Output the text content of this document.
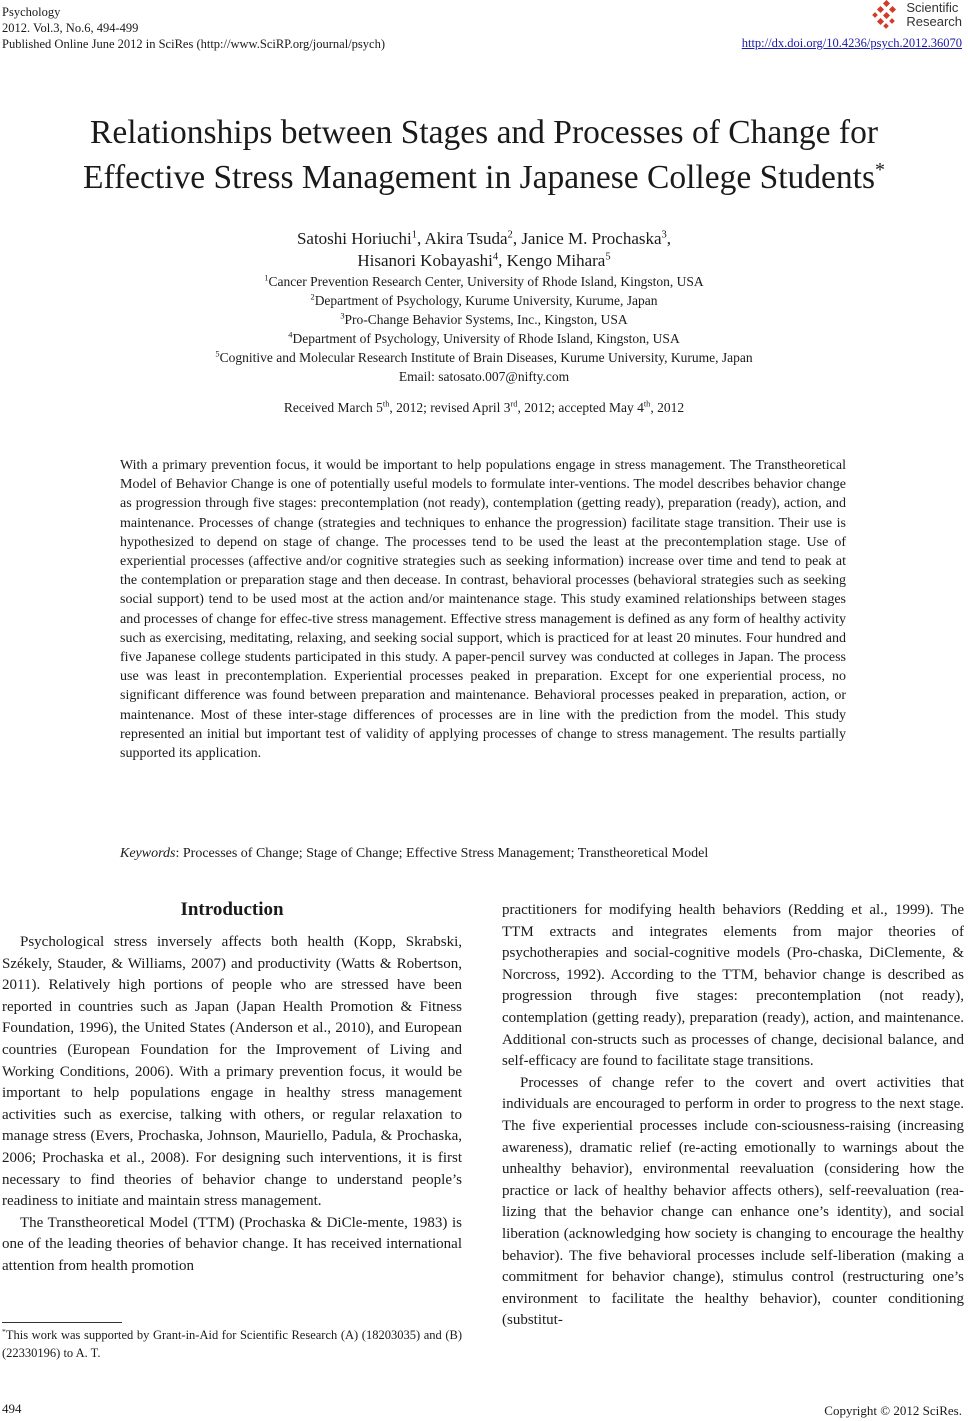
Psychology
2012. Vol.3, No.6, 494-499
Published Online June 2012 in SciRes (http://www.SciRP.org/journal/psych)
Scientific
Research
http://dx.doi.org/10.4236/psych.2012.36070
Relationships between Stages and Processes of Change for
Effective Stress Management in Japanese College Students*
Satoshi Horiuchi$^1$, Akira Tsuda$^2$, Janice M. Prochaska$^3$,
Hisanori Kobayashi$^4$, Kengo Mihara$^5$
$^1$Cancer Prevention Research Center, University of Rhode Island, Kingston, USA
$^2$Department of Psychology, Kurume University, Kurume, Japan
$^3$Pro-Change Behavior Systems, Inc., Kingston, USA
$^4$Department of Psychology, University of Rhode Island, Kingston, USA
$^5$Cognitive and Molecular Research Institute of Brain Diseases, Kurume University, Kurume, Japan
Email: satosato.007@nifty.com
Received March 5th, 2012; revised April 3rd, 2012; accepted May 4th, 2012
With a primary prevention focus, it would be important to help populations engage in stress management. The Transtheoretical Model of Behavior Change is one of potentially useful models to formulate inter-ventions. The model describes behavior change as progression through five stages: precontemplation (not ready), contemplation (getting ready), preparation (ready), action, and maintenance. Processes of change (strategies and techniques to enhance the progression) facilitate stage transition. Their use is hypothesized to depend on stage of change. The processes tend to be used the least at the precontemplation stage. Use of experiential processes (affective and/or cognitive strategies such as seeking information) increase over time and tend to peak at the contemplation or preparation stage and then decease. In contrast, behavioral processes (behavioral strategies such as seeking social support) tend to be used most at the action and/or maintenance stage. This study examined relationships between stages and processes of change for effec-tive stress management. Effective stress management is defined as any form of healthy activity such as exercising, meditating, relaxing, and seeking social support, which is practiced for at least 20 minutes. Four hundred and five Japanese college students participated in this study. A paper-pencil survey was conducted at colleges in Japan. The process use was least in precontemplation. Experiential processes peaked in preparation. Except for one experiential process, no significant difference was found between preparation and maintenance. Behavioral processes peaked in preparation, action, or maintenance. Most of these inter-stage differences of processes are in line with the prediction from the model. This study represented an initial but important test of validity of applying processes of change to stress management. The results partially supported its application.
Keywords: Processes of Change; Stage of Change; Effective Stress Management; Transtheoretical Model
Introduction

Psychological stress inversely affects both health (Kopp, Skrabski, Székely, Stauder, & Williams, 2007) and productivity (Watts & Robertson, 2011). Relatively high portions of people who are stressed have been reported in countries such as Japan (Japan Health Promotion & Fitness Foundation, 1996), the United States (Anderson et al., 2010), and European countries (European Foundation for the Improvement of Living and Working Conditions, 2006). With a primary prevention focus, it would be important to help populations engage in healthy stress management activities such as exercise, talking with others, or regular relaxation to manage stress (Evers, Prochaska, Johnson, Mauriello, Padula, & Prochaska, 2006; Prochaska et al., 2008). For designing such interventions, it is first necessary to find theories of behavior change to understand people’s readiness to initiate and maintain stress management.

The Transtheoretical Model (TTM) (Prochaska & DiCle-mente, 1983) is one of the leading theories of behavior change. It has received international attention from health promotion

practitioners for modifying health behaviors (Redding et al., 1999). The TTM extracts and integrates elements from major theories of psychotherapies and social-cognitive models (Pro-chaska, DiClemente, & Norcross, 1992). According to the TTM, behavior change is described as progression through five stages: precontemplation (not ready), contemplation (getting ready), preparation (ready), action, and maintenance. Additional con-structs such as processes of change, decisional balance, and self-efficacy are found to facilitate stage transitions.

Processes of change refer to the covert and overt activities that individuals are encouraged to perform in order to progress to the next stage. The five experiential processes include con-sciousness-raising (increasing awareness), dramatic relief (re-acting emotionally to warnings about the unhealthy behavior), environmental reevaluation (considering how the practice or lack of healthy behavior affects others), self-reevaluation (rea-lizing that the behavior change can enhance one’s identity), and social liberation (acknowledging how society is changing to encourage the healthy behavior). The five behavioral processes include self-liberation (making a commitment for behavior change), stimulus control (restructuring one’s environment to facilitate the healthy behavior), counter conditioning (substitut-

*This work was supported by Grant-in-Aid for Scientific Research (A) (18203035) and (B) (22330196) to A. T.
494	Copyright © 2012 SciRes.
